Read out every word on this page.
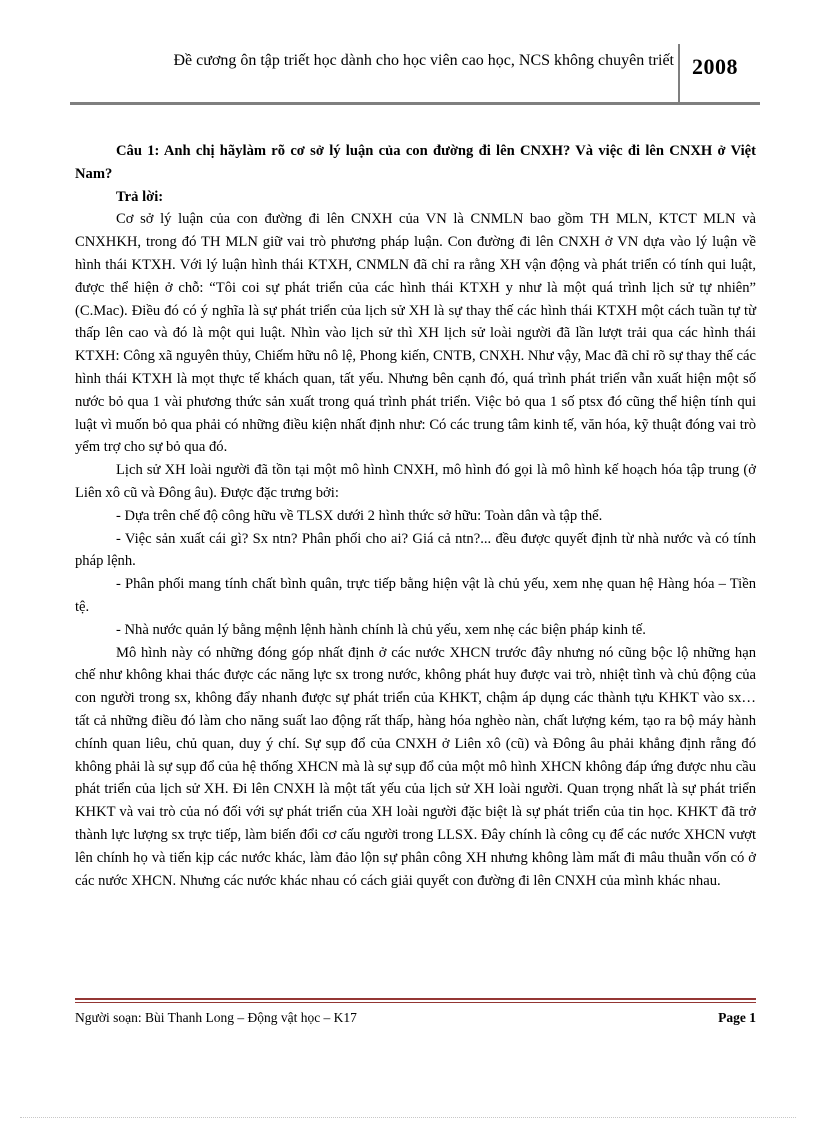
Đề cương ôn tập triết học dành cho học viên cao học, NCS không chuyên triết 2008

Câu 1: Anh chị hãylàm rõ cơ sở lý luận của con đường đi lên CNXH? Và việc đi lên CNXH ở Việt Nam?

Trả lời:

Cơ sở lý luận của con đường đi lên CNXH của VN là CNMLN bao gồm TH MLN, KTCT MLN và CNXHKH, trong đó TH MLN giữ vai trò phương pháp luận. Con đường đi lên CNXH ở VN dựa vào lý luận về hình thái KTXH. Với lý luận hình thái KTXH, CNMLN đã chỉ ra rằng XH vận động và phát triển có tính qui luật, được thể hiện ở chỗ: “Tôi coi sự phát triển của các hình thái KTXH y như là một quá trình lịch sử tự nhiên” (C.Mac). Điều đó có ý nghĩa là sự phát triển của lịch sử XH là sự thay thế các hình thái KTXH một cách tuần tự từ thấp lên cao và đó là một qui luật. Nhìn vào lịch sử thì XH lịch sử loài người đã lần lượt trải qua các hình thái KTXH: Công xã nguyên thủy, Chiếm hữu nô lệ, Phong kiến, CNTB, CNXH. Như vậy, Mac đã chỉ rõ sự thay thế các hình thái KTXH là mọt thực tế khách quan, tất yếu. Nhưng bên cạnh đó, quá trình phát triển vẫn xuất hiện một số nước bỏ qua 1 vài phương thức sản xuất trong quá trình phát triển. Việc bỏ qua 1 số ptsx đó cũng thể hiện tính qui luật vì muốn bỏ qua phải có những điều kiện nhất định như: Có các trung tâm kinh tế, văn hóa, kỹ thuật đóng vai trò yểm trợ cho sự bỏ qua đó.

Lịch sử XH loài người đã tồn tại một mô hình CNXH, mô hình đó gọi là mô hình kế hoạch hóa tập trung (ở Liên xô cũ và Đông âu). Được đặc trưng bởi:

- Dựa trên chế độ công hữu về TLSX dưới 2 hình thức sở hữu: Toàn dân và tập thể.

- Việc sản xuất cái gì? Sx ntn? Phân phối cho ai? Giá cả ntn?... đều được quyết định từ nhà nước và có tính pháp lệnh.

- Phân phối mang tính chất bình quân, trực tiếp bằng hiện vật là chủ yếu, xem nhẹ quan hệ Hàng hóa – Tiền tệ.

- Nhà nước quản lý bằng mệnh lệnh hành chính là chủ yếu, xem nhẹ các biện pháp kinh tế.

Mô hình này có những đóng góp nhất định ở các nước XHCN trước đây nhưng nó cũng bộc lộ những hạn chế như không khai thác được các năng lực sx trong nước, không phát huy được vai trò, nhiệt tình và chủ động của con người trong sx, không đẩy nhanh được sự phát triển của KHKT, chậm áp dụng các thành tựu KHKT vào sx… tất cả những điều đó làm cho năng suất lao động rất thấp, hàng hóa nghèo nàn, chất lượng kém, tạo ra bộ máy hành chính quan liêu, chủ quan, duy ý chí. Sự sụp đổ của CNXH ở Liên xô (cũ) và Đông âu phải khẳng định rằng đó không phải là sự sụp đổ của hệ thống XHCN mà là sự sụp đổ của một mô hình XHCN không đáp ứng được nhu cầu phát triển của lịch sử XH. Đi lên CNXH là một tất yếu của lịch sử XH loài người. Quan trọng nhất là sự phát triển KHKT và vai trò của nó đối với sự phát triển của XH loài người đặc biệt là sự phát triển của tin học. KHKT đã trở thành lực lượng sx trực tiếp, làm biến đổi cơ cấu người trong LLSX. Đây chính là công cụ để các nước XHCN vượt lên chính họ và tiến kịp các nước khác, làm đảo lộn sự phân công XH nhưng không làm mất đi mâu thuẫn vốn có ở các nước XHCN. Nhưng các nước khác nhau có cách giải quyết con đường đi lên CNXH của mình khác nhau.

Người soạn: Bùi Thanh Long – Động vật học – K17	Page 1
